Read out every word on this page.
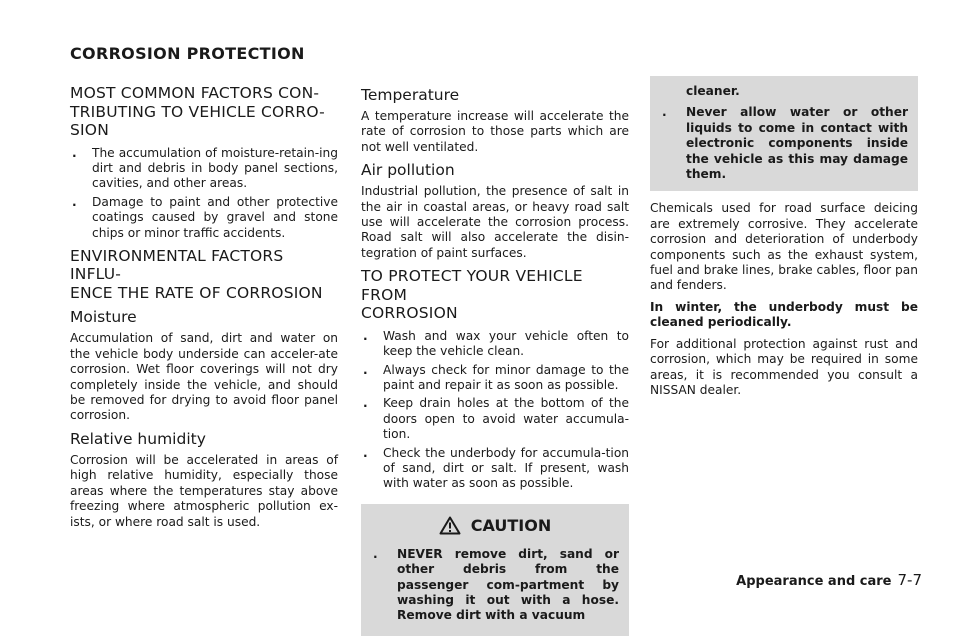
CORROSION PROTECTION
MOST COMMON FACTORS CON-
TRIBUTING TO VEHICLE CORRO-
SION
. The accumulation of moisture-retain-ing dirt and debris in body panel sections, cavities, and other areas.
. Damage to paint and other protective coatings caused by gravel and stone chips or minor traffic accidents.
ENVIRONMENTAL FACTORS INFLU-
ENCE THE RATE OF CORROSION
Moisture

Accumulation of sand, dirt and water on the vehicle body underside can acceler-ate corrosion. Wet floor coverings will not dry completely inside the vehicle, and should be removed for drying to avoid floor panel corrosion.

Relative humidity

Corrosion will be accelerated in areas of high relative humidity, especially those areas where the temperatures stay above freezing where atmospheric pollution ex-ists, or where road salt is used.

Temperature

A temperature increase will accelerate the rate of corrosion to those parts which are not well ventilated.

Air pollution

Industrial pollution, the presence of salt in the air in coastal areas, or heavy road salt use will accelerate the corrosion process. Road salt will also accelerate the disin-tegration of paint surfaces.

TO PROTECT YOUR VEHICLE FROM
CORROSION
. Wash and wax your vehicle often to keep the vehicle clean.
. Always check for minor damage to the paint and repair it as soon as possible.
. Keep drain holes at the bottom of the doors open to avoid water accumula-tion.
. Check the underbody for accumula-tion of sand, dirt or salt. If present, wash with water as soon as possible.
CAUTION
. NEVER remove dirt, sand or other debris from the passenger com-partment by washing it out with a hose. Remove dirt with a vacuum
cleaner.
. Never allow water or other liquids to come in contact with electronic components inside the vehicle as this may damage them.

Chemicals used for road surface deicing are extremely corrosive. They accelerate corrosion and deterioration of underbody components such as the exhaust system, fuel and brake lines, brake cables, floor pan and fenders.

In winter, the underbody must be cleaned periodically.

For additional protection against rust and corrosion, which may be required in some areas, it is recommended you consult a NISSAN dealer.

Appearance and care 7-7
